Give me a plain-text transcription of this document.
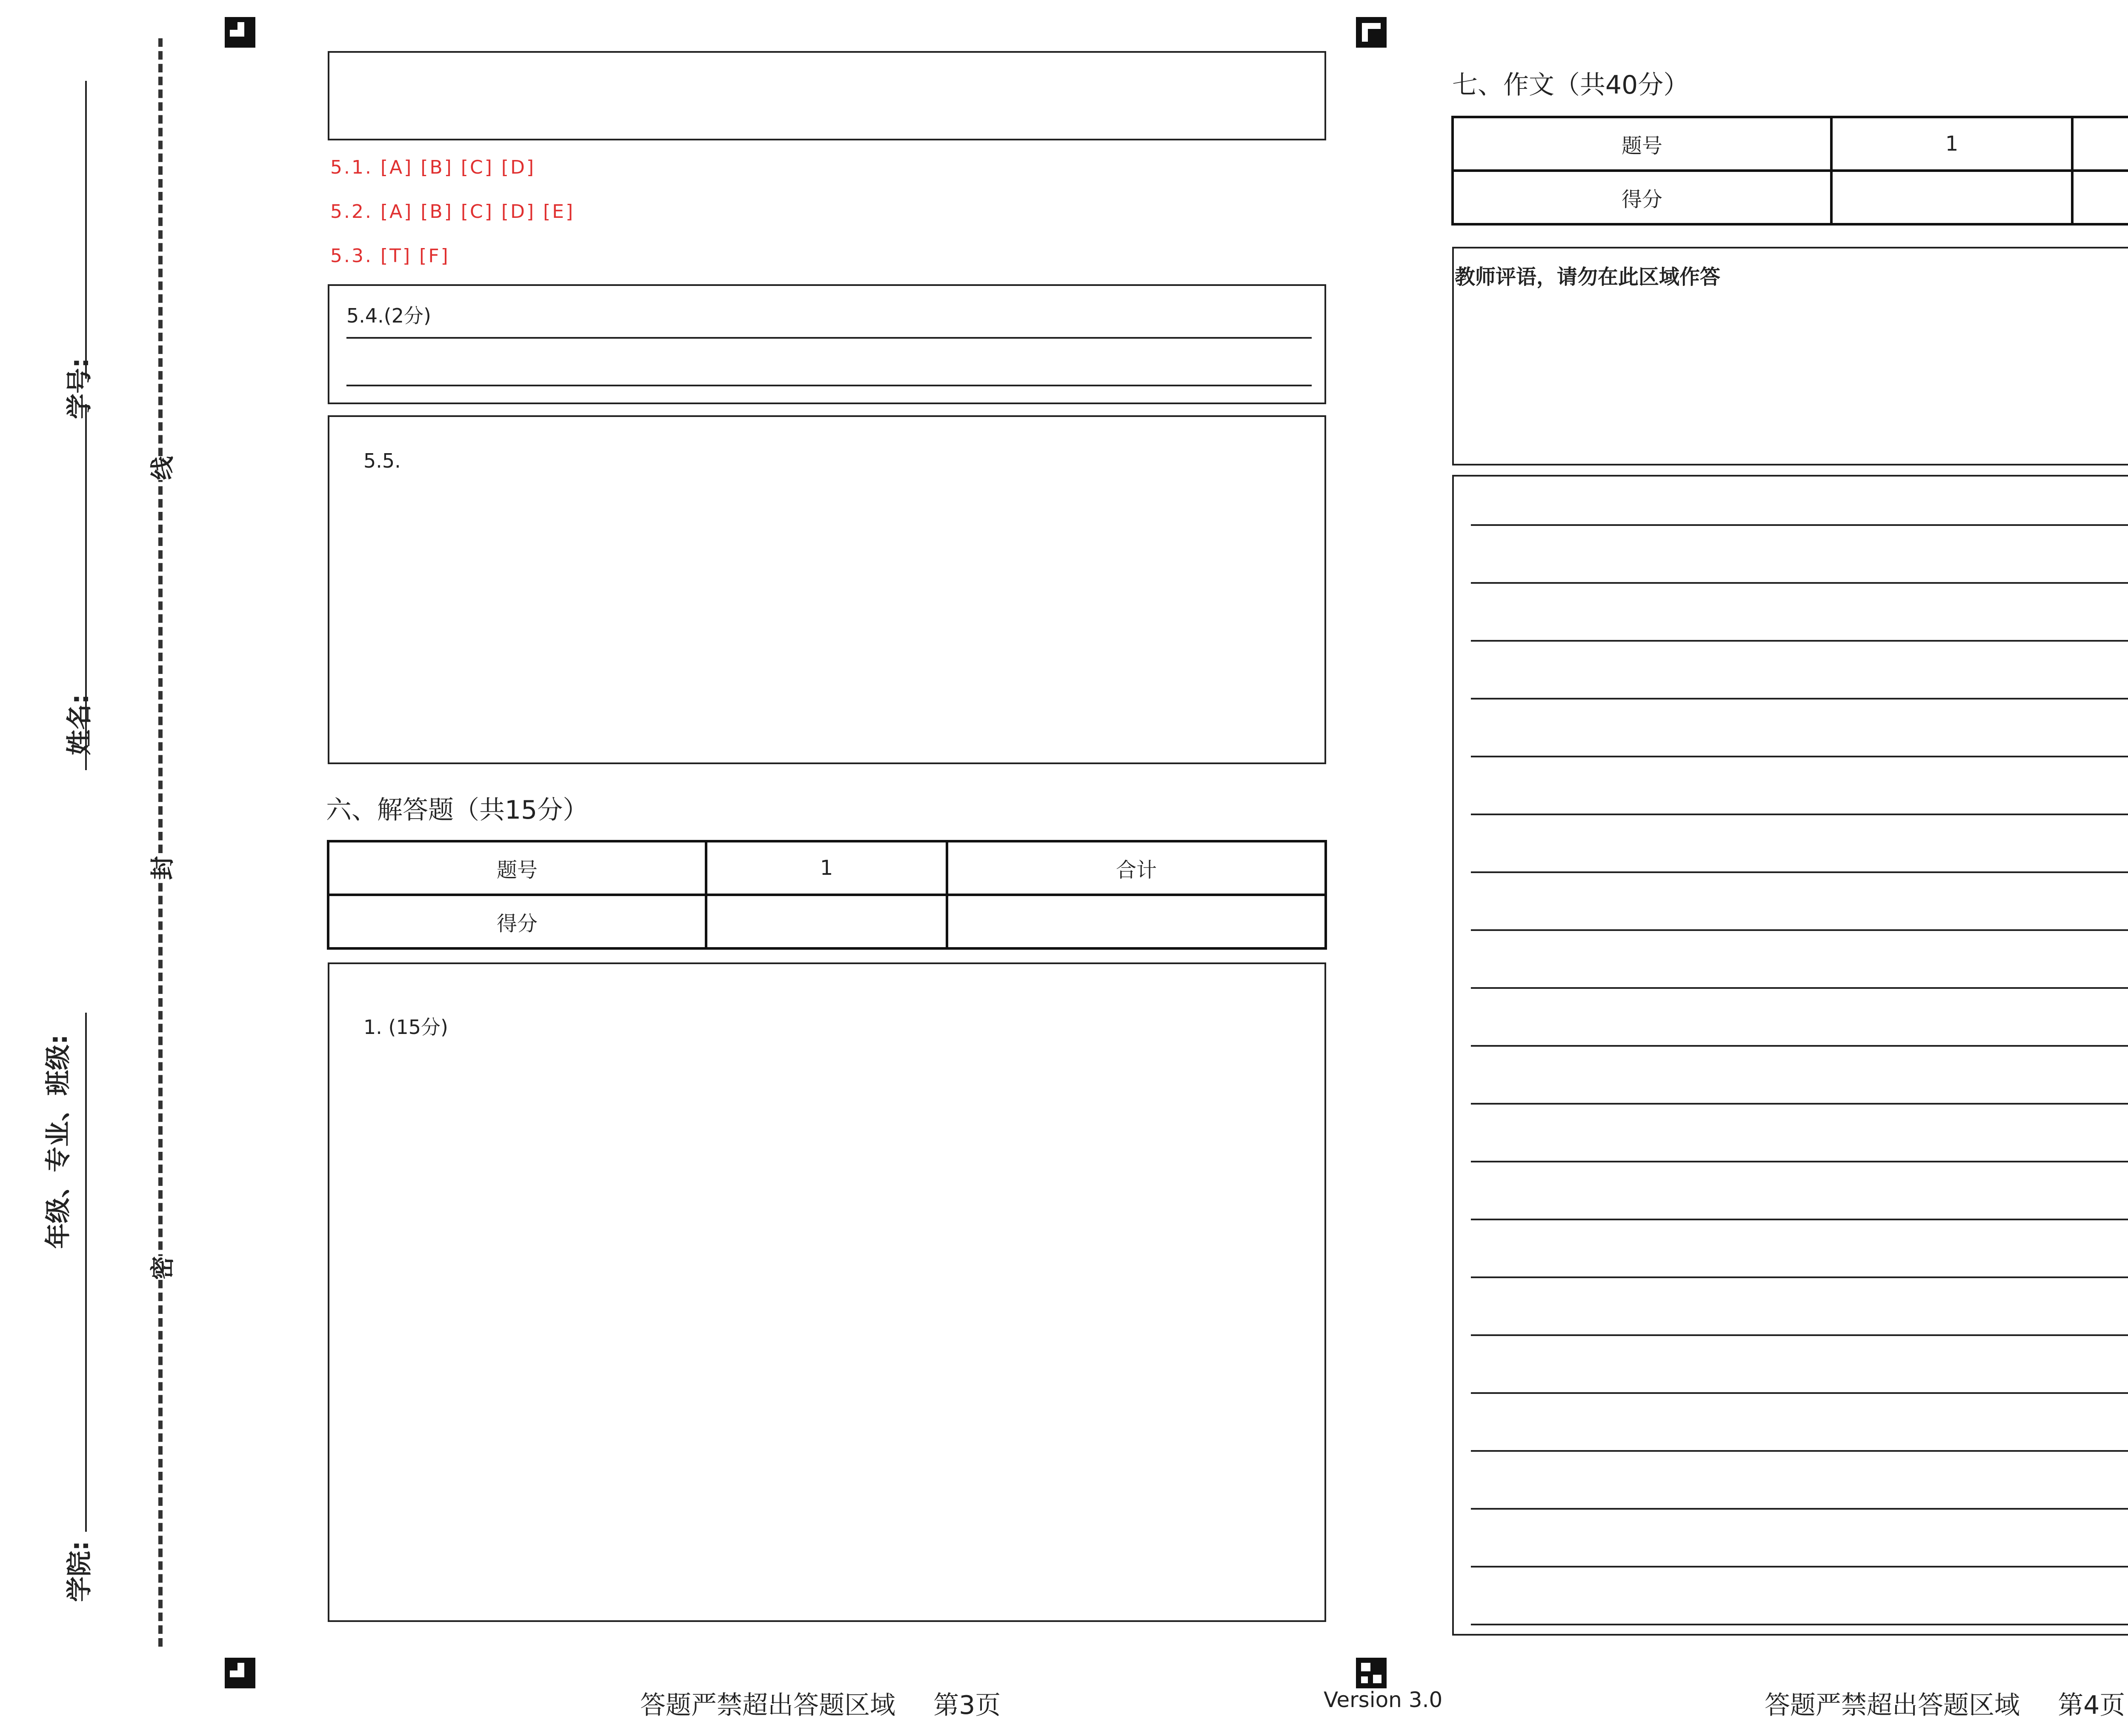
学号:
姓名:
年级、专业、班级:
学院:
线
封
密
5.1. [A] [B] [C] [D]
5.2. [A] [B] [C] [D] [E]
5.3. [T] [F]
5.4.(2分)
5.5.
六、解答题（共15分）
题号	1	合计
得分		
1. (15分)
答题严禁超出答题区域 第3页	Version 3.0
七、作文（共40分）
题号	1	
得分		
教师评语，请勿在此区域作答
答题严禁超出答题区域 第4页
